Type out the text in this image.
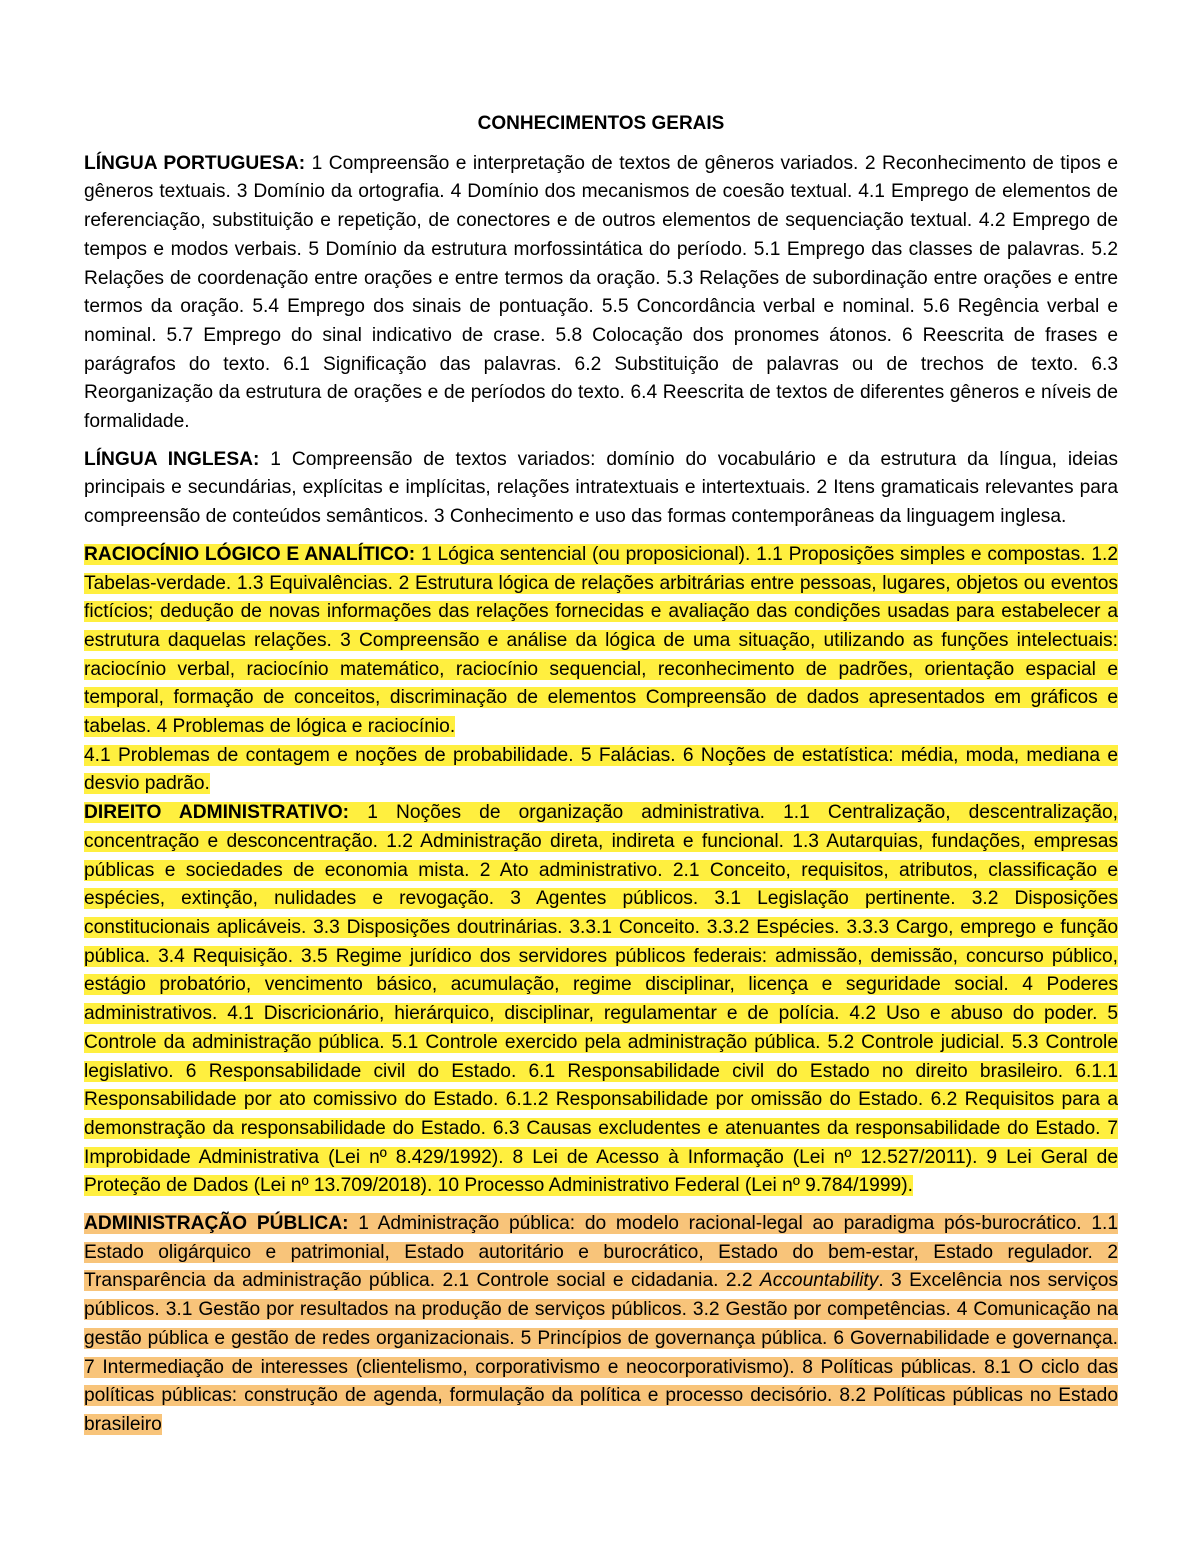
CONHECIMENTOS GERAIS

LÍNGUA PORTUGUESA: 1 Compreensão e interpretação de textos de gêneros variados. 2 Reconhecimento de tipos e gêneros textuais. 3 Domínio da ortografia. 4 Domínio dos mecanismos de coesão textual. 4.1 Emprego de elementos de referenciação, substituição e repetição, de conectores e de outros elementos de sequenciação textual. 4.2 Emprego de tempos e modos verbais. 5 Domínio da estrutura morfossintática do período. 5.1 Emprego das classes de palavras. 5.2 Relações de coordenação entre orações e entre termos da oração. 5.3 Relações de subordinação entre orações e entre termos da oração. 5.4 Emprego dos sinais de pontuação. 5.5 Concordância verbal e nominal. 5.6 Regência verbal e nominal. 5.7 Emprego do sinal indicativo de crase. 5.8 Colocação dos pronomes átonos. 6 Reescrita de frases e parágrafos do texto. 6.1 Significação das palavras. 6.2 Substituição de palavras ou de trechos de texto. 6.3 Reorganização da estrutura de orações e de períodos do texto. 6.4 Reescrita de textos de diferentes gêneros e níveis de formalidade.

LÍNGUA INGLESA: 1 Compreensão de textos variados: domínio do vocabulário e da estrutura da língua, ideias principais e secundárias, explícitas e implícitas, relações intratextuais e intertextuais. 2 Itens gramaticais relevantes para compreensão de conteúdos semânticos. 3 Conhecimento e uso das formas contemporâneas da linguagem inglesa.

RACIOCÍNIO LÓGICO E ANALÍTICO: 1 Lógica sentencial (ou proposicional). 1.1 Proposições simples e compostas. 1.2 Tabelas-verdade. 1.3 Equivalências. 2 Estrutura lógica de relações arbitrárias entre pessoas, lugares, objetos ou eventos fictícios; dedução de novas informações das relações fornecidas e avaliação das condições usadas para estabelecer a estrutura daquelas relações. 3 Compreensão e análise da lógica de uma situação, utilizando as funções intelectuais: raciocínio verbal, raciocínio matemático, raciocínio sequencial, reconhecimento de padrões, orientação espacial e temporal, formação de conceitos, discriminação de elementos Compreensão de dados apresentados em gráficos e tabelas. 4 Problemas de lógica e raciocínio.

4.1 Problemas de contagem e noções de probabilidade. 5 Falácias. 6 Noções de estatística: média, moda, mediana e desvio padrão.

DIREITO ADMINISTRATIVO: 1 Noções de organização administrativa. 1.1 Centralização, descentralização, concentração e desconcentração. 1.2 Administração direta, indireta e funcional. 1.3 Autarquias, fundações, empresas públicas e sociedades de economia mista. 2 Ato administrativo. 2.1 Conceito, requisitos, atributos, classificação e espécies, extinção, nulidades e revogação. 3 Agentes públicos. 3.1 Legislação pertinente. 3.2 Disposições constitucionais aplicáveis. 3.3 Disposições doutrinárias. 3.3.1 Conceito. 3.3.2 Espécies. 3.3.3 Cargo, emprego e função pública. 3.4 Requisição. 3.5 Regime jurídico dos servidores públicos federais: admissão, demissão, concurso público, estágio probatório, vencimento básico, acumulação, regime disciplinar, licença e seguridade social. 4 Poderes administrativos. 4.1 Discricionário, hierárquico, disciplinar, regulamentar e de polícia. 4.2 Uso e abuso do poder. 5 Controle da administração pública. 5.1 Controle exercido pela administração pública. 5.2 Controle judicial. 5.3 Controle legislativo. 6 Responsabilidade civil do Estado. 6.1 Responsabilidade civil do Estado no direito brasileiro. 6.1.1 Responsabilidade por ato comissivo do Estado. 6.1.2 Responsabilidade por omissão do Estado. 6.2 Requisitos para a demonstração da responsabilidade do Estado. 6.3 Causas excludentes e atenuantes da responsabilidade do Estado. 7 Improbidade Administrativa (Lei nº 8.429/1992). 8 Lei de Acesso à Informação (Lei nº 12.527/2011). 9 Lei Geral de Proteção de Dados (Lei nº 13.709/2018). 10 Processo Administrativo Federal (Lei nº 9.784/1999).

ADMINISTRAÇÃO PÚBLICA: 1 Administração pública: do modelo racional-legal ao paradigma pós-burocrático. 1.1 Estado oligárquico e patrimonial, Estado autoritário e burocrático, Estado do bem-estar, Estado regulador. 2 Transparência da administração pública. 2.1 Controle social e cidadania. 2.2 Accountability. 3 Excelência nos serviços públicos. 3.1 Gestão por resultados na produção de serviços públicos. 3.2 Gestão por competências. 4 Comunicação na gestão pública e gestão de redes organizacionais. 5 Princípios de governança pública. 6 Governabilidade e governança. 7 Intermediação de interesses (clientelismo, corporativismo e neocorporativismo). 8 Políticas públicas. 8.1 O ciclo das políticas públicas: construção de agenda, formulação da política e processo decisório. 8.2 Políticas públicas no Estado brasileiro
